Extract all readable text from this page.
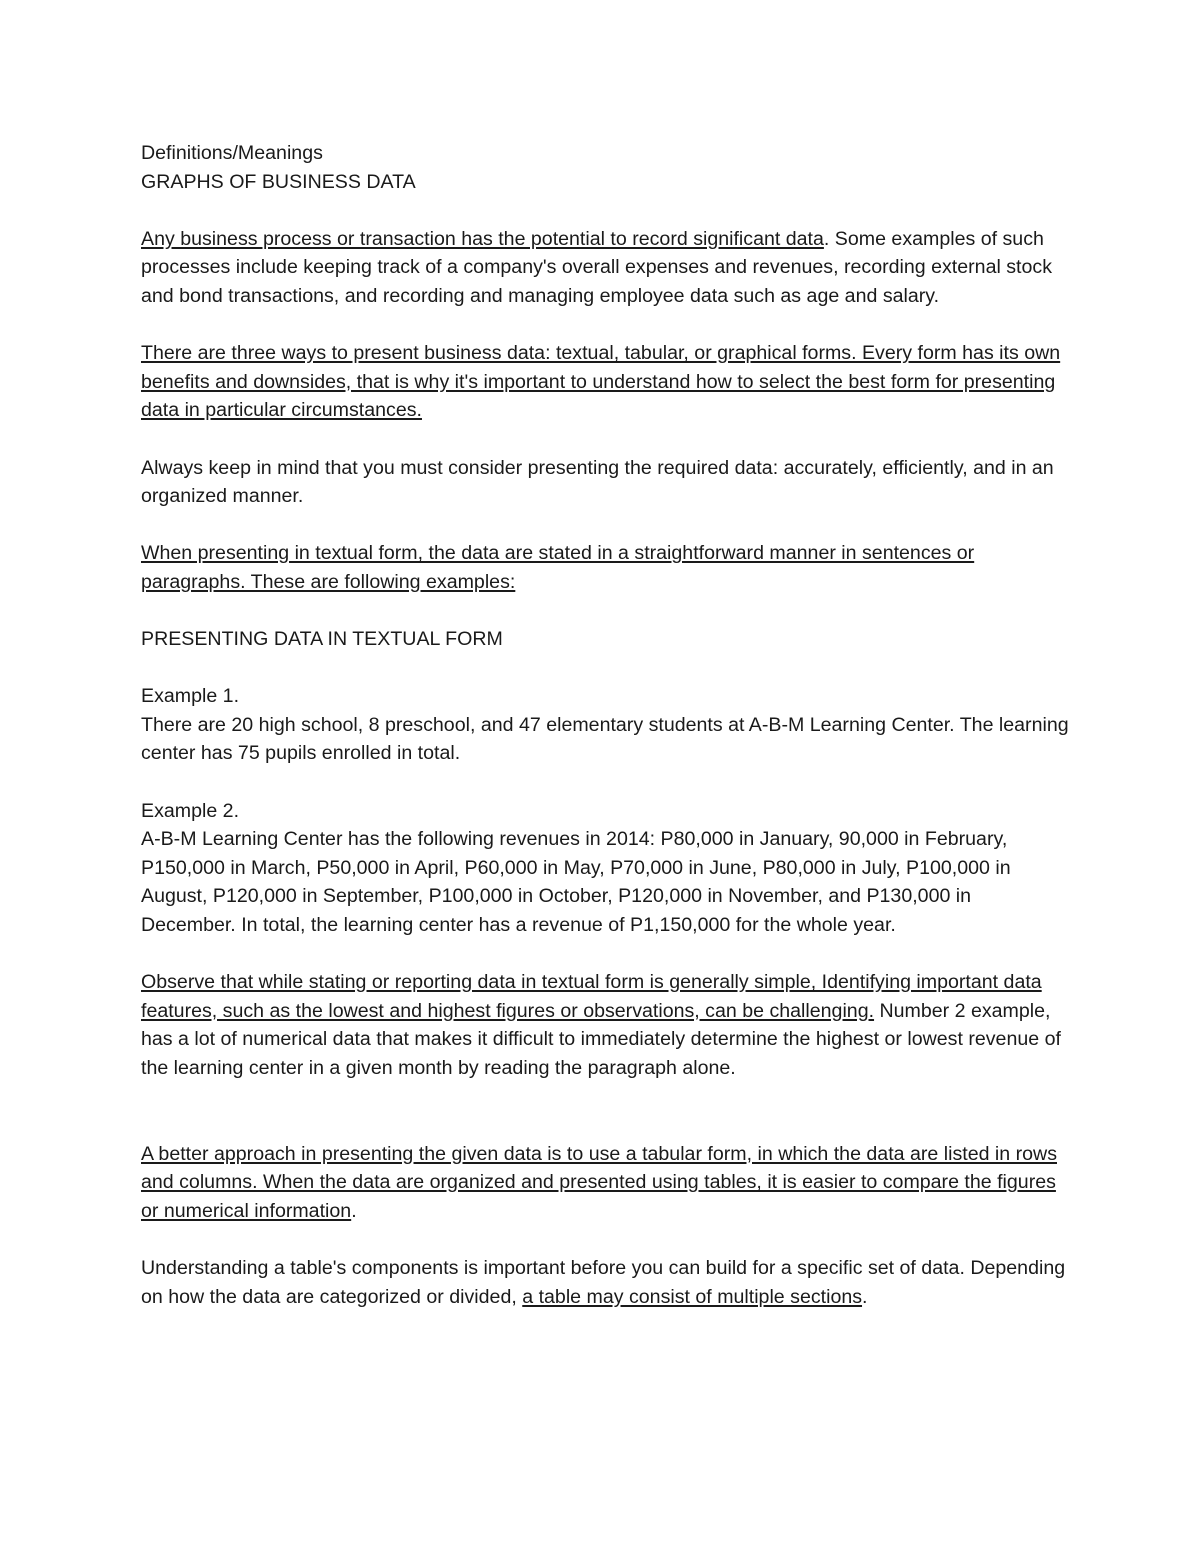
Definitions/Meanings

GRAPHS OF BUSINESS DATA

Any business process or transaction has the potential to record significant data. Some examples of such processes include keeping track of a company's overall expenses and revenues, recording external stock and bond transactions, and recording and managing employee data such as age and salary.

There are three ways to present business data: textual, tabular, or graphical forms. Every form has its own benefits and downsides, that is why it's important to understand how to select the best form for presenting data in particular circumstances.

Always keep in mind that you must consider presenting the required data: accurately, efficiently, and in an organized manner.

When presenting in textual form, the data are stated in a straightforward manner in sentences or paragraphs. These are following examples:

PRESENTING DATA IN TEXTUAL FORM

Example 1.

There are 20 high school, 8 preschool, and 47 elementary students at A-B-M Learning Center. The learning center has 75 pupils enrolled in total.

Example 2.

A-B-M Learning Center has the following revenues in 2014: P80,000 in January, 90,000 in February, P150,000 in March, P50,000 in April, P60,000 in May, P70,000 in June, P80,000 in July, P100,000 in August, P120,000 in September, P100,000 in October, P120,000 in November, and P130,000 in December. In total, the learning center has a revenue of P1,150,000 for the whole year.

Observe that while stating or reporting data in textual form is generally simple, Identifying important data features, such as the lowest and highest figures or observations, can be challenging. Number 2 example, has a lot of numerical data that makes it difficult to immediately determine the highest or lowest revenue of the learning center in a given month by reading the paragraph alone.

A better approach in presenting the given data is to use a tabular form, in which the data are listed in rows and columns. When the data are organized and presented using tables, it is easier to compare the figures or numerical information.

Understanding a table's components is important before you can build for a specific set of data. Depending on how the data are categorized or divided, a table may consist of multiple sections.
